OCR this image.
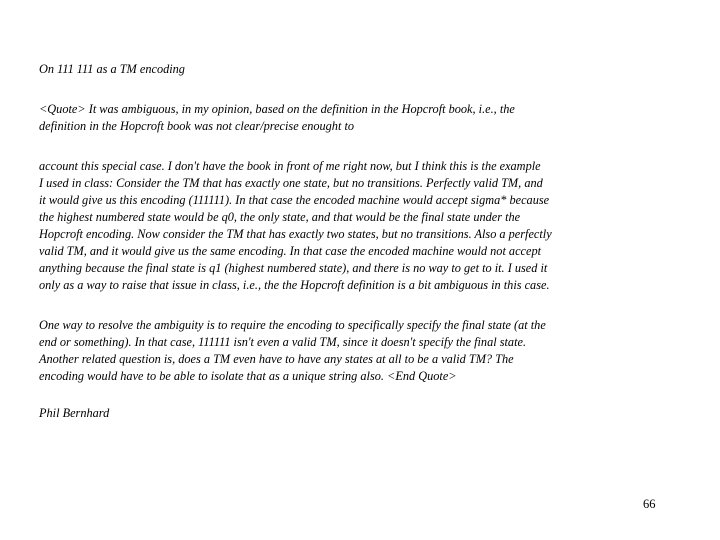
On 111 111 as a TM encoding

<Quote> It was ambiguous, in my opinion, based on the definition in the Hopcroft book, i.e., the
definition in the Hopcroft book was not clear/precise enought to

account this special case. I don't have the book in front of me right now, but I think this is the example
I used in class: Consider the TM that has exactly one state, but no transitions. Perfectly valid TM, and
it would give us this encoding (111111). In that case the encoded machine would accept sigma* because
the highest numbered state would be q0, the only state, and that would be the final state under the
Hopcroft encoding. Now consider the TM that has exactly two states, but no transitions. Also a perfectly
valid TM, and it would give us the same encoding. In that case the encoded machine would not accept
anything because the final state is q1 (highest numbered state), and there is no way to get to it. I used it
only as a way to raise that issue in class, i.e., the the Hopcroft definition is a bit ambiguous in this case.

One way to resolve the ambiguity is to require the encoding to specifically specify the final state (at the
end or something). In that case, 111111 isn't even a valid TM, since it doesn't specify the final state.
Another related question is, does a TM even have to have any states at all to be a valid TM? The
encoding would have to be able to isolate that as a unique string also. <End Quote>

Phil Bernhard

66
